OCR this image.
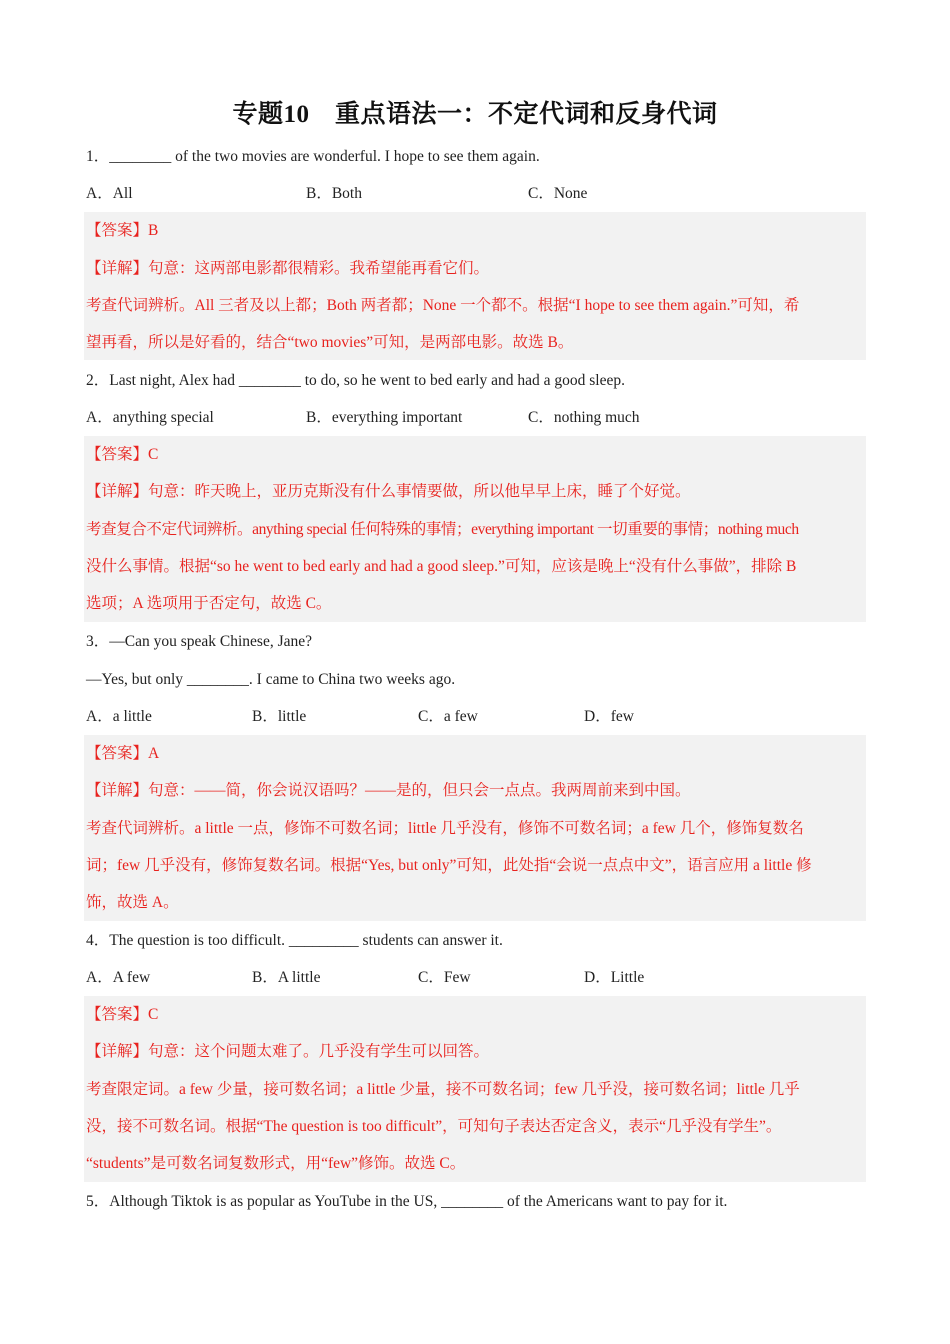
专题10　重点语法一：不定代词和反身代词
1．________ of the two movies are wonderful. I hope to see them again.
A．All	B．Both	C．None
【答案】B
【详解】句意：这两部电影都很精彩。我希望能再看它们。
考查代词辨析。All 三者及以上都；Both 两者都；None 一个都不。根据“I hope to see them again.”可知，希
望再看，所以是好看的，结合“two movies”可知，是两部电影。故选 B。
2．Last night, Alex had ________ to do, so he went to bed early and had a good sleep.
A．anything special	B．everything important	C．nothing much
【答案】C
【详解】句意：昨天晚上，亚历克斯没有什么事情要做，所以他早早上床，睡了个好觉。
考查复合不定代词辨析。anything special 任何特殊的事情；everything important 一切重要的事情；nothing much
没什么事情。根据“so he went to bed early and had a good sleep.”可知，应该是晚上“没有什么事做”，排除 B
选项；A 选项用于否定句，故选 C。
3．—Can you speak Chinese, Jane?
—Yes, but only ________. I came to China two weeks ago.
A．a little	B．little	C．a few	D．few
【答案】A
【详解】句意：——简，你会说汉语吗？——是的，但只会一点点。我两周前来到中国。
考查代词辨析。a little 一点，修饰不可数名词；little 几乎没有，修饰不可数名词；a few 几个，修饰复数名
词；few 几乎没有，修饰复数名词。根据“Yes, but only”可知，此处指“会说一点点中文”，语言应用 a little 修
饰，故选 A。
4．The question is too difficult. _________ students can answer it.
A．A few	B．A little	C．Few	D．Little
【答案】C
【详解】句意：这个问题太难了。几乎没有学生可以回答。
考查限定词。a few 少量，接可数名词；a little 少量，接不可数名词；few 几乎没，接可数名词；little 几乎
没，接不可数名词。根据“The question is too difficult”，可知句子表达否定含义，表示“几乎没有学生”。
“students”是可数名词复数形式，用“few”修饰。故选 C。
5．Although Tiktok is as popular as YouTube in the US, ________ of the Americans want to pay for it.
